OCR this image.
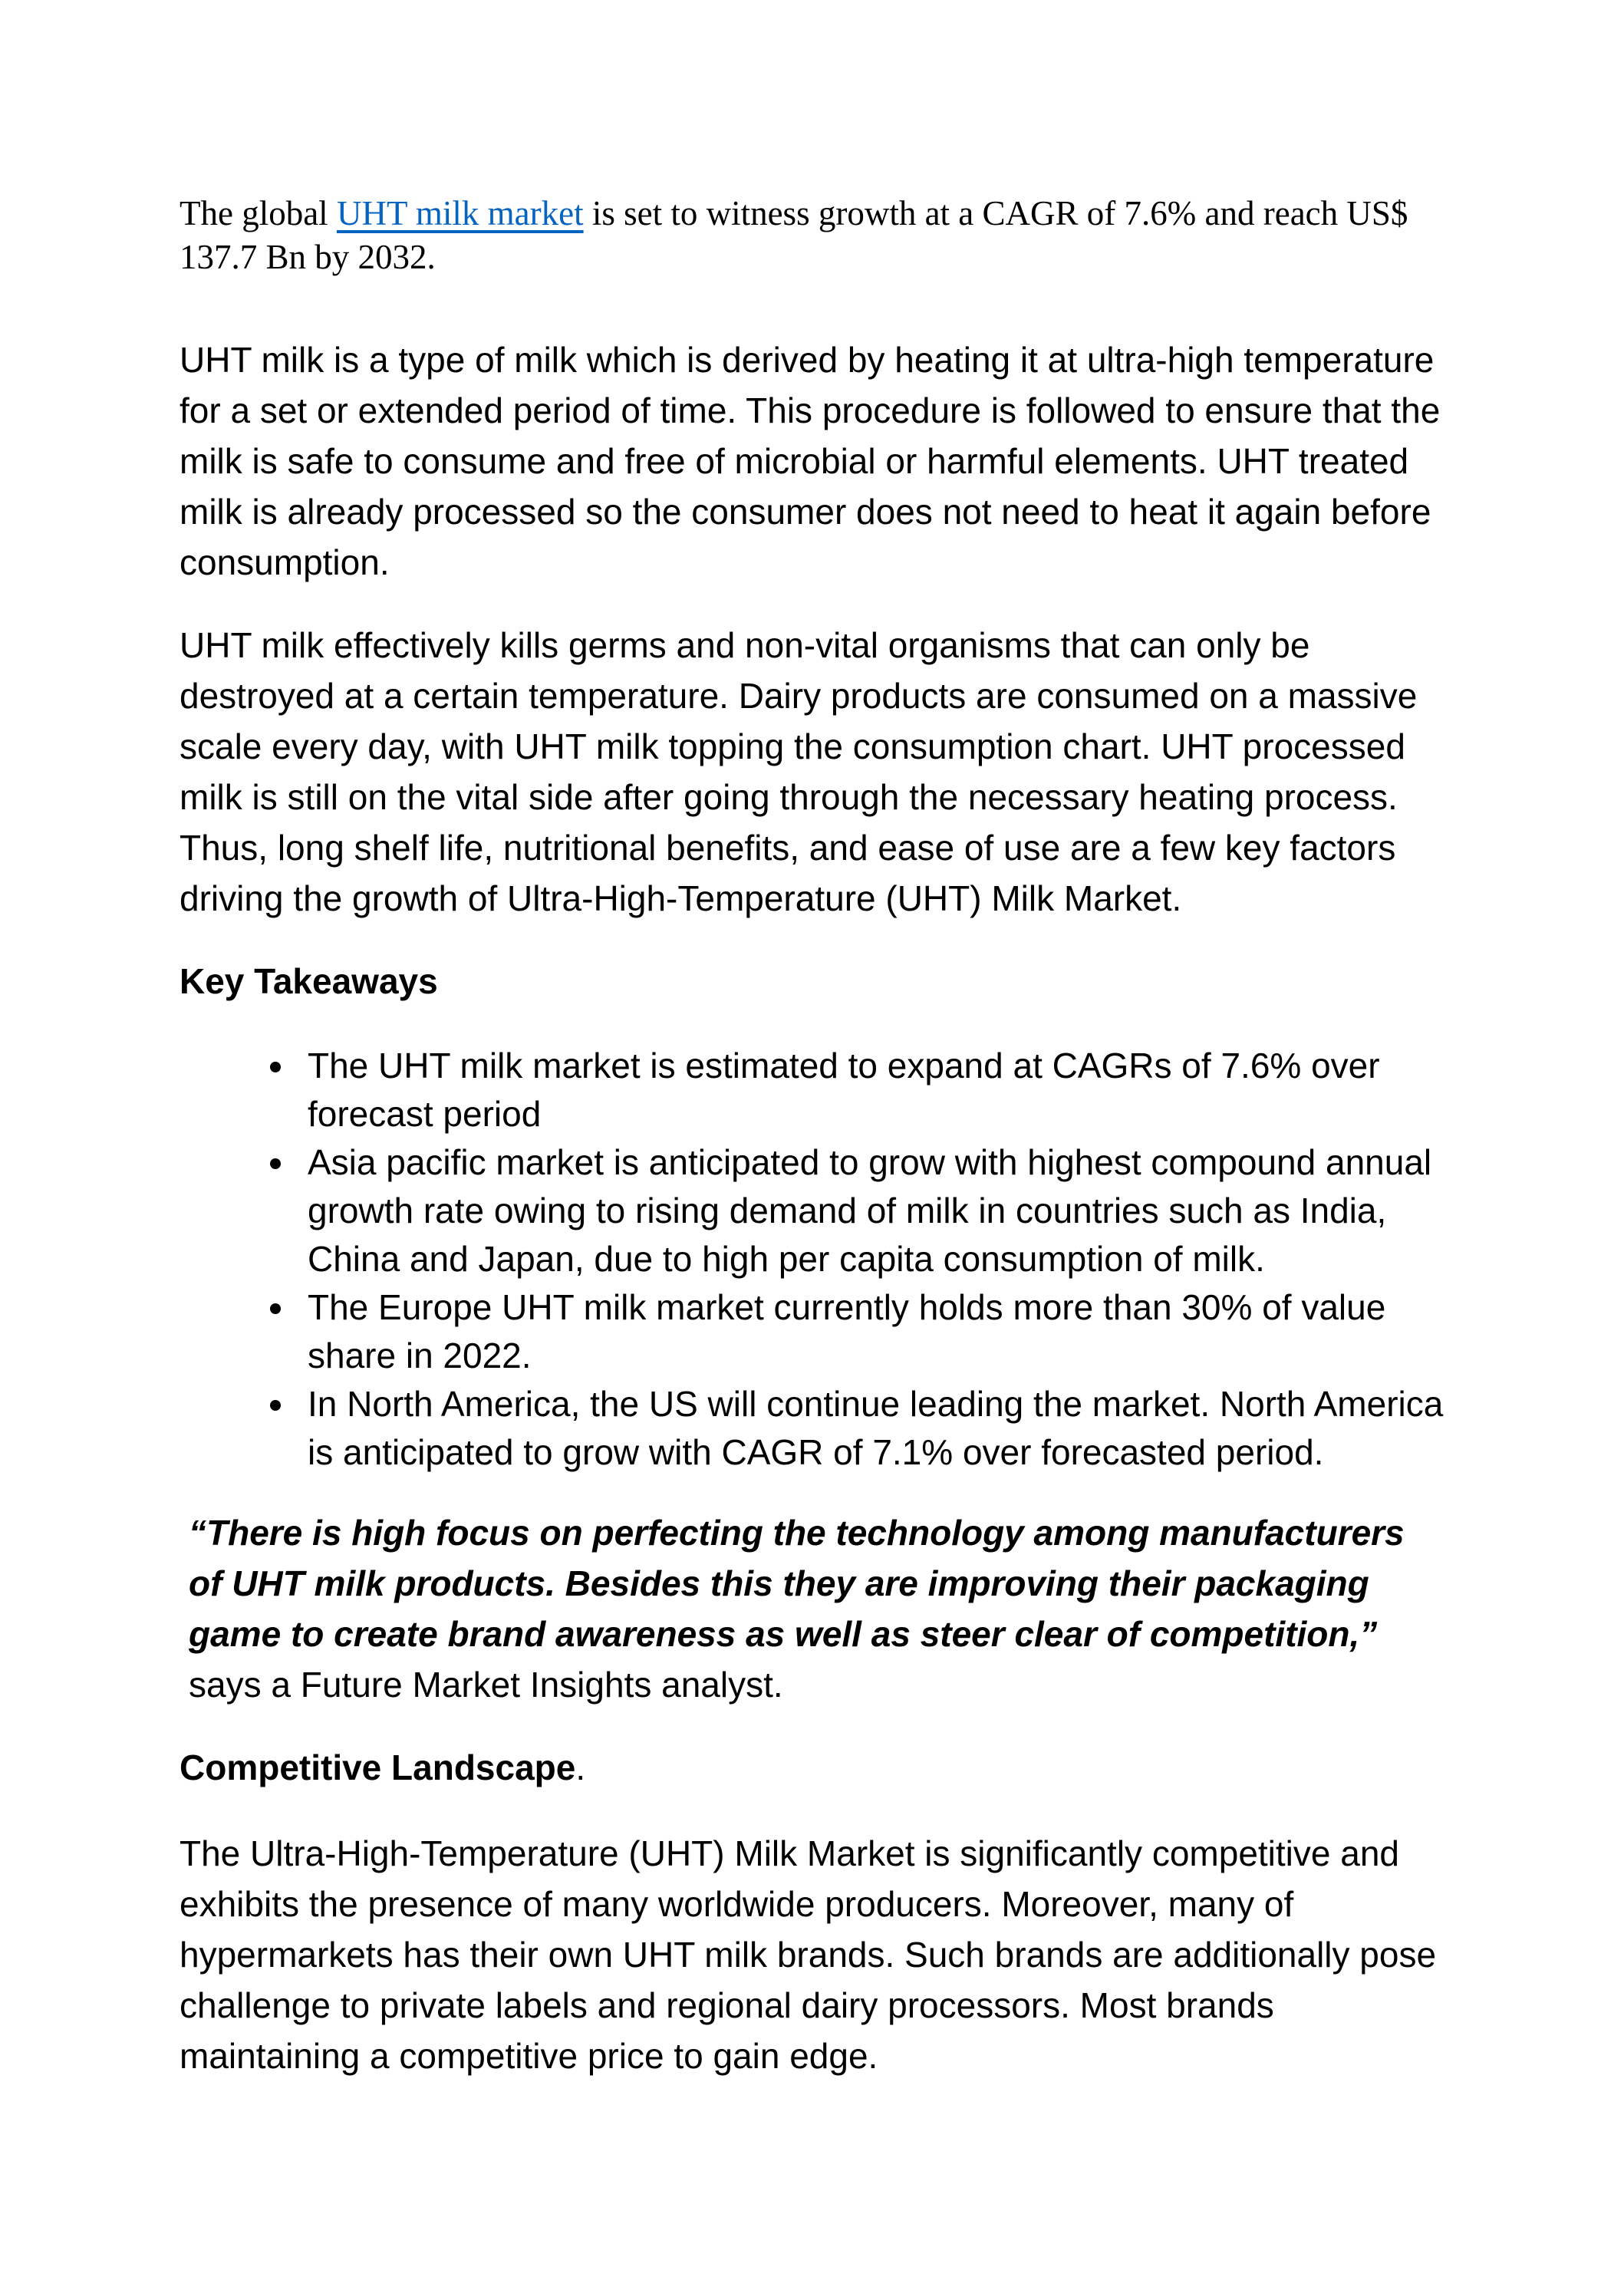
The global UHT milk market is set to witness growth at a CAGR of 7.6% and reach US$ 137.7 Bn by 2032.

UHT milk is a type of milk which is derived by heating it at ultra-high temperature for a set or extended period of time. This procedure is followed to ensure that the milk is safe to consume and free of microbial or harmful elements. UHT treated milk is already processed so the consumer does not need to heat it again before consumption.

UHT milk effectively kills germs and non-vital organisms that can only be destroyed at a certain temperature. Dairy products are consumed on a massive scale every day, with UHT milk topping the consumption chart. UHT processed milk is still on the vital side after going through the necessary heating process. Thus, long shelf life, nutritional benefits, and ease of use are a few key factors driving the growth of Ultra-High-Temperature (UHT) Milk Market.

Key Takeaways
• The UHT milk market is estimated to expand at CAGRs of 7.6% over forecast period
• Asia pacific market is anticipated to grow with highest compound annual growth rate owing to rising demand of milk in countries such as India, China and Japan, due to high per capita consumption of milk.
• The Europe UHT milk market currently holds more than 30% of value share in 2022.
• In North America, the US will continue leading the market. North America is anticipated to grow with CAGR of 7.1% over forecasted period.

“There is high focus on perfecting the technology among manufacturers of UHT milk products. Besides this they are improving their packaging game to create brand awareness as well as steer clear of competition,” says a Future Market Insights analyst.

Competitive Landscape.

The Ultra-High-Temperature (UHT) Milk Market is significantly competitive and exhibits the presence of many worldwide producers. Moreover, many of hypermarkets has their own UHT milk brands. Such brands are additionally pose challenge to private labels and regional dairy processors. Most brands maintaining a competitive price to gain edge.
